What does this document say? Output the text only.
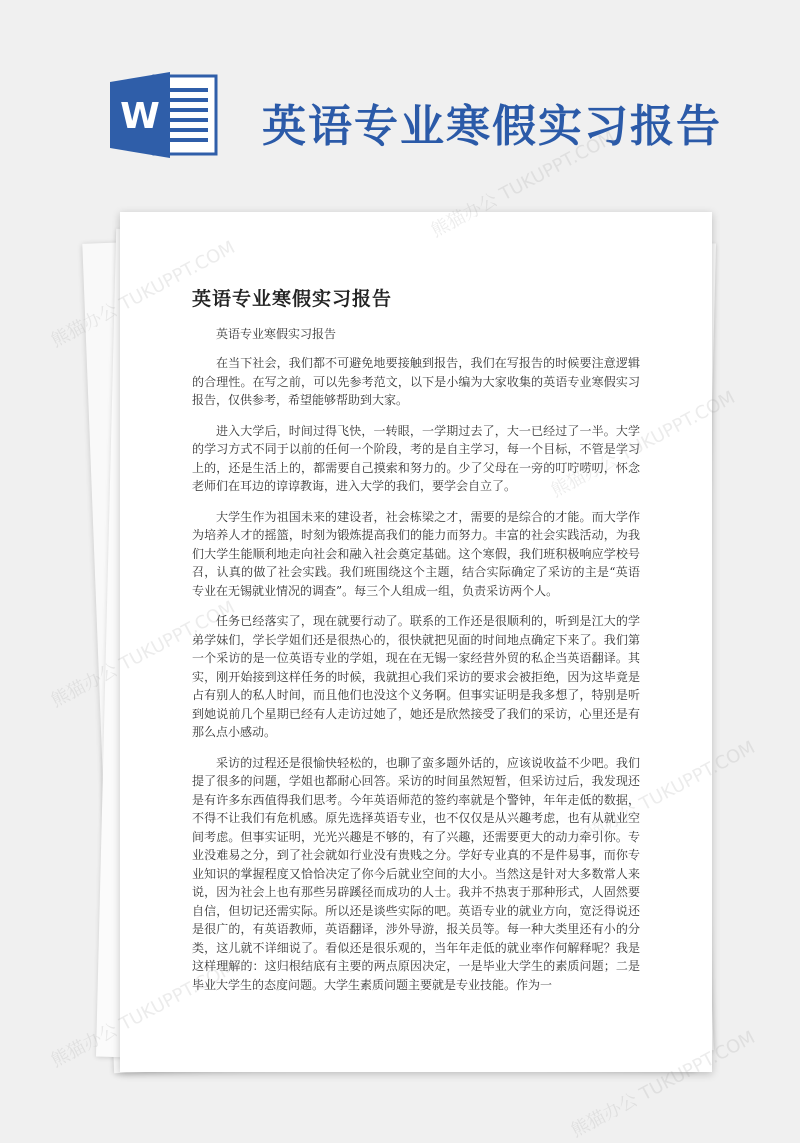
W 英语专业寒假实习报告
英语专业寒假实习报告

英语专业寒假实习报告

在当下社会，我们都不可避免地要接触到报告，我们在写报告的时候要注意逻辑的合理性。在写之前，可以先参考范文，以下是小编为大家收集的英语专业寒假实习报告，仅供参考，希望能够帮助到大家。

进入大学后，时间过得飞快，一转眼，一学期过去了，大一已经过了一半。大学的学习方式不同于以前的任何一个阶段，考的是自主学习，每一个目标，不管是学习上的，还是生活上的，都需要自己摸索和努力的。少了父母在一旁的叮咛唠叨，怀念老师们在耳边的谆谆教诲，进入大学的我们，要学会自立了。

大学生作为祖国未来的建设者，社会栋梁之才，需要的是综合的才能。而大学作为培养人才的摇篮，时刻为锻炼提高我们的能力而努力。丰富的社会实践活动，为我们大学生能顺利地走向社会和融入社会奠定基础。这个寒假，我们班积极响应学校号召，认真的做了社会实践。我们班围绕这个主题，结合实际确定了采访的主是“英语专业在无锡就业情况的调查”。每三个人组成一组，负责采访两个人。

任务已经落实了，现在就要行动了。联系的工作还是很顺利的，听到是江大的学弟学妹们，学长学姐们还是很热心的，很快就把见面的时间地点确定下来了。我们第一个采访的是一位英语专业的学姐，现在在无锡一家经营外贸的私企当英语翻译。其实，刚开始接到这样任务的时候，我就担心我们采访的要求会被拒绝，因为这毕竟是占有别人的私人时间，而且他们也没这个义务啊。但事实证明是我多想了，特别是听到她说前几个星期已经有人走访过她了，她还是欣然接受了我们的采访，心里还是有那么点小感动。

采访的过程还是很愉快轻松的，也聊了蛮多题外话的，应该说收益不少吧。我们提了很多的问题，学姐也都耐心回答。采访的时间虽然短暂，但采访过后，我发现还是有许多东西值得我们思考。今年英语师范的签约率就是个警钟，年年走低的数据，不得不让我们有危机感。原先选择英语专业，也不仅仅是从兴趣考虑，也有从就业空间考虑。但事实证明，光光兴趣是不够的，有了兴趣，还需要更大的动力牵引你。专业没难易之分，到了社会就如行业没有贵贱之分。学好专业真的不是件易事，而你专业知识的掌握程度又恰恰决定了你今后就业空间的大小。当然这是针对大多数常人来说，因为社会上也有那些另辟蹊径而成功的人士。我并不热衷于那种形式，人固然要自信，但切记还需实际。所以还是谈些实际的吧。英语专业的就业方向，宽泛得说还是很广的，有英语教师，英语翻译，涉外导游，报关员等。每一种大类里还有小的分类，这儿就不详细说了。看似还是很乐观的，当年年走低的就业率作何解释呢？我是这样理解的：这归根结底有主要的两点原因决定，一是毕业大学生的素质问题；二是毕业大学生的态度问题。大学生素质问题主要就是专业技能。作为一

熊猫办公 TUKUPPT.COM
熊猫办公
熊猫办公	熊猫办公 TUKUPPT.COM
